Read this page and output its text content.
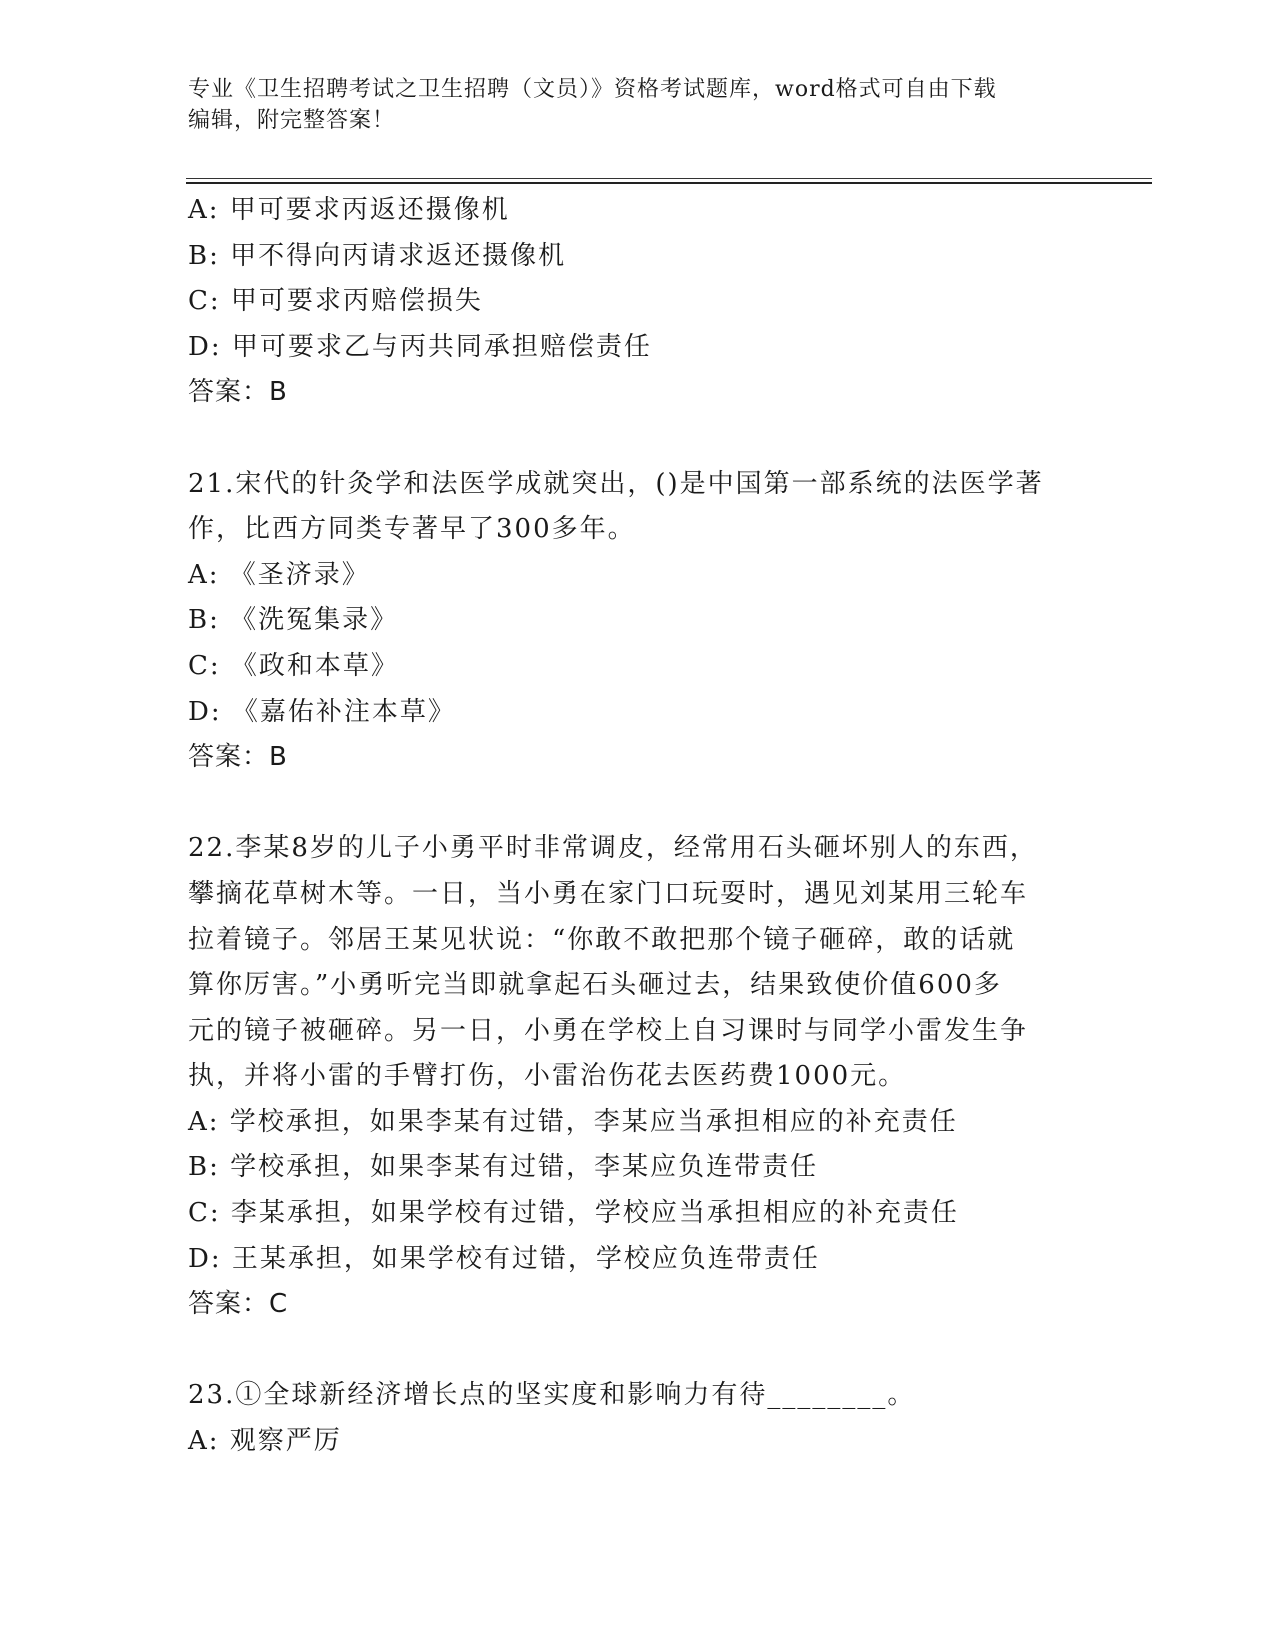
专业《卫生招聘考试之卫生招聘（文员）》资格考试题库，word格式可自由下载
编辑，附完整答案！
A: 甲可要求丙返还摄像机
B: 甲不得向丙请求返还摄像机
C: 甲可要求丙赔偿损失
D: 甲可要求乙与丙共同承担赔偿责任
答案：B
21.宋代的针灸学和法医学成就突出，()是中国第一部系统的法医学著
作，比西方同类专著早了300多年。
A: 《圣济录》
B: 《洗冤集录》
C: 《政和本草》
D: 《嘉佑补注本草》
答案：B
22.李某8岁的儿子小勇平时非常调皮，经常用石头砸坏别人的东西，
攀摘花草树木等。一日，当小勇在家门口玩耍时，遇见刘某用三轮车
拉着镜子。邻居王某见状说：“你敢不敢把那个镜子砸碎，敢的话就
算你厉害。”小勇听完当即就拿起石头砸过去，结果致使价值600多
元的镜子被砸碎。另一日，小勇在学校上自习课时与同学小雷发生争
执，并将小雷的手臂打伤，小雷治伤花去医药费1000元。
A: 学校承担，如果李某有过错，李某应当承担相应的补充责任
B: 学校承担，如果李某有过错，李某应负连带责任
C: 李某承担，如果学校有过错，学校应当承担相应的补充责任
D: 王某承担，如果学校有过错，学校应负连带责任
答案：C
23.①全球新经济增长点的坚实度和影响力有待________。
A: 观察严厉
